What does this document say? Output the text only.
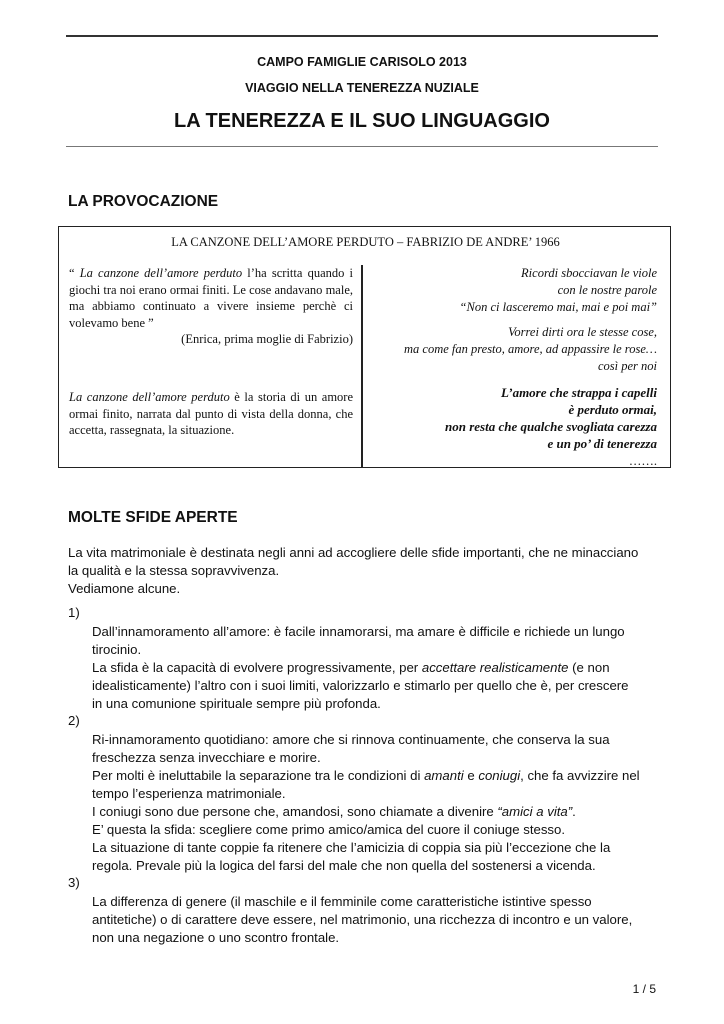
CAMPO FAMIGLIE CARISOLO 2013
VIAGGIO NELLA TENEREZZA NUZIALE
LA TENEREZZA E IL SUO LINGUAGGIO
LA PROVOCAZIONE
LA CANZONE DELL’AMORE PERDUTO – FABRIZIO DE ANDRE’ 1966
“ La canzone dell’amore perduto l’ha scritta quando i giochi tra noi erano ormai finiti. Le cose andavano male, ma abbiamo continuato a vivere insieme perchè ci volevamo bene ”
(Enrica, prima moglie di Fabrizio)
La canzone dell’amore perduto è la storia di un amore ormai finito, narrata dal punto di vista della donna, che accetta, rassegnata, la situazione.
Ricordi sbocciavan le viole
con le nostre parole
“Non ci lasceremo mai, mai e poi mai”
Vorrei dirti ora le stesse cose,
ma come fan presto, amore, ad appassire le rose…
così per noi
L’amore che strappa i capelli
è perduto ormai,
non resta che qualche svogliata carezza
e un po’ di tenerezza
…….
MOLTE SFIDE APERTE
La vita matrimoniale è destinata negli anni ad accogliere delle sfide importanti, che ne minacciano
la qualità e la stessa sopravvivenza.
Vediamone alcune.
1)

Dall’innamoramento all’amore: è facile innamorarsi, ma amare è difficile e richiede un lungo

tirocinio.

La sfida è la capacità di evolvere progressivamente, per accettare realisticamente (e non

idealisticamente) l’altro con i suoi limiti, valorizzarlo e stimarlo per quello che è, per crescere

in una comunione spirituale sempre più profonda.

2)

Ri-innamoramento quotidiano: amore che si rinnova continuamente, che conserva la sua

freschezza senza invecchiare e morire.

Per molti è ineluttabile la separazione tra le condizioni di amanti e coniugi, che fa avvizzire nel

tempo l’esperienza matrimoniale.

I coniugi sono due persone che, amandosi, sono chiamate a divenire “amici a vita”.

E’ questa la sfida: scegliere come primo amico/amica del cuore il coniuge stesso.

La situazione di tante coppie fa ritenere che l’amicizia di coppia sia più l’eccezione che la

regola. Prevale più la logica del farsi del male che non quella del sostenersi a vicenda.

3)

La differenza di genere (il maschile e il femminile come caratteristiche istintive spesso

antitetiche) o di carattere deve essere, nel matrimonio, una ricchezza di incontro e un valore,

non una negazione o uno scontro frontale.

1 / 5
